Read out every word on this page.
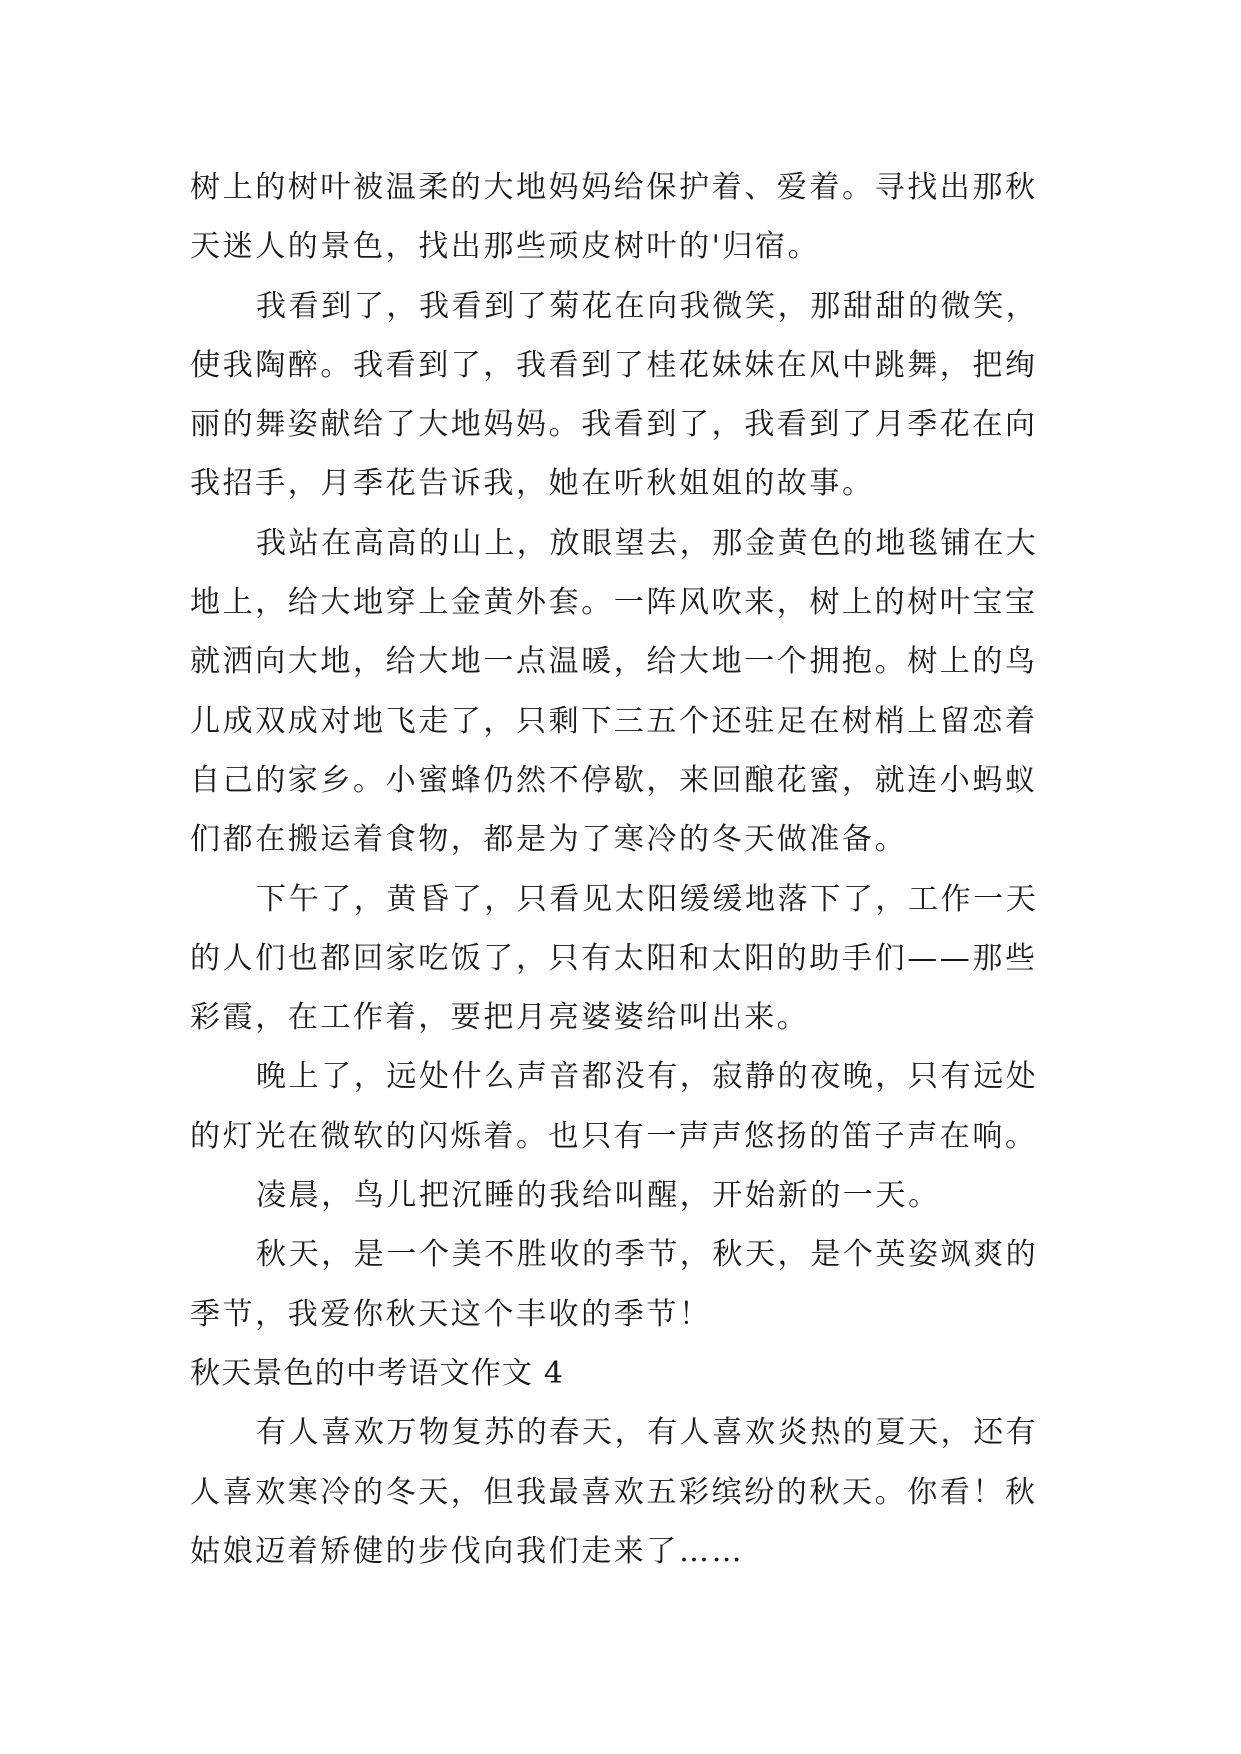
树上的树叶被温柔的大地妈妈给保护着、爱着。寻找出那秋
天迷人的景色，找出那些顽皮树叶的'归宿。
我看到了，我看到了菊花在向我微笑，那甜甜的微笑，
使我陶醉。我看到了，我看到了桂花妹妹在风中跳舞，把绚
丽的舞姿献给了大地妈妈。我看到了，我看到了月季花在向
我招手，月季花告诉我，她在听秋姐姐的故事。
我站在高高的山上，放眼望去，那金黄色的地毯铺在大
地上，给大地穿上金黄外套。一阵风吹来，树上的树叶宝宝
就洒向大地，给大地一点温暖，给大地一个拥抱。树上的鸟
儿成双成对地飞走了，只剩下三五个还驻足在树梢上留恋着
自己的家乡。小蜜蜂仍然不停歇，来回酿花蜜，就连小蚂蚁
们都在搬运着食物，都是为了寒冷的冬天做准备。
下午了，黄昏了，只看见太阳缓缓地落下了，工作一天
的人们也都回家吃饭了，只有太阳和太阳的助手们——那些
彩霞，在工作着，要把月亮婆婆给叫出来。
晚上了，远处什么声音都没有，寂静的夜晚，只有远处
的灯光在微软的闪烁着。也只有一声声悠扬的笛子声在响。
凌晨，鸟儿把沉睡的我给叫醒，开始新的一天。
秋天，是一个美不胜收的季节，秋天，是个英姿飒爽的
季节，我爱你秋天这个丰收的季节！
秋天景色的中考语文作文 4
有人喜欢万物复苏的春天，有人喜欢炎热的夏天，还有
人喜欢寒冷的冬天，但我最喜欢五彩缤纷的秋天。你看！秋
姑娘迈着矫健的步伐向我们走来了……
